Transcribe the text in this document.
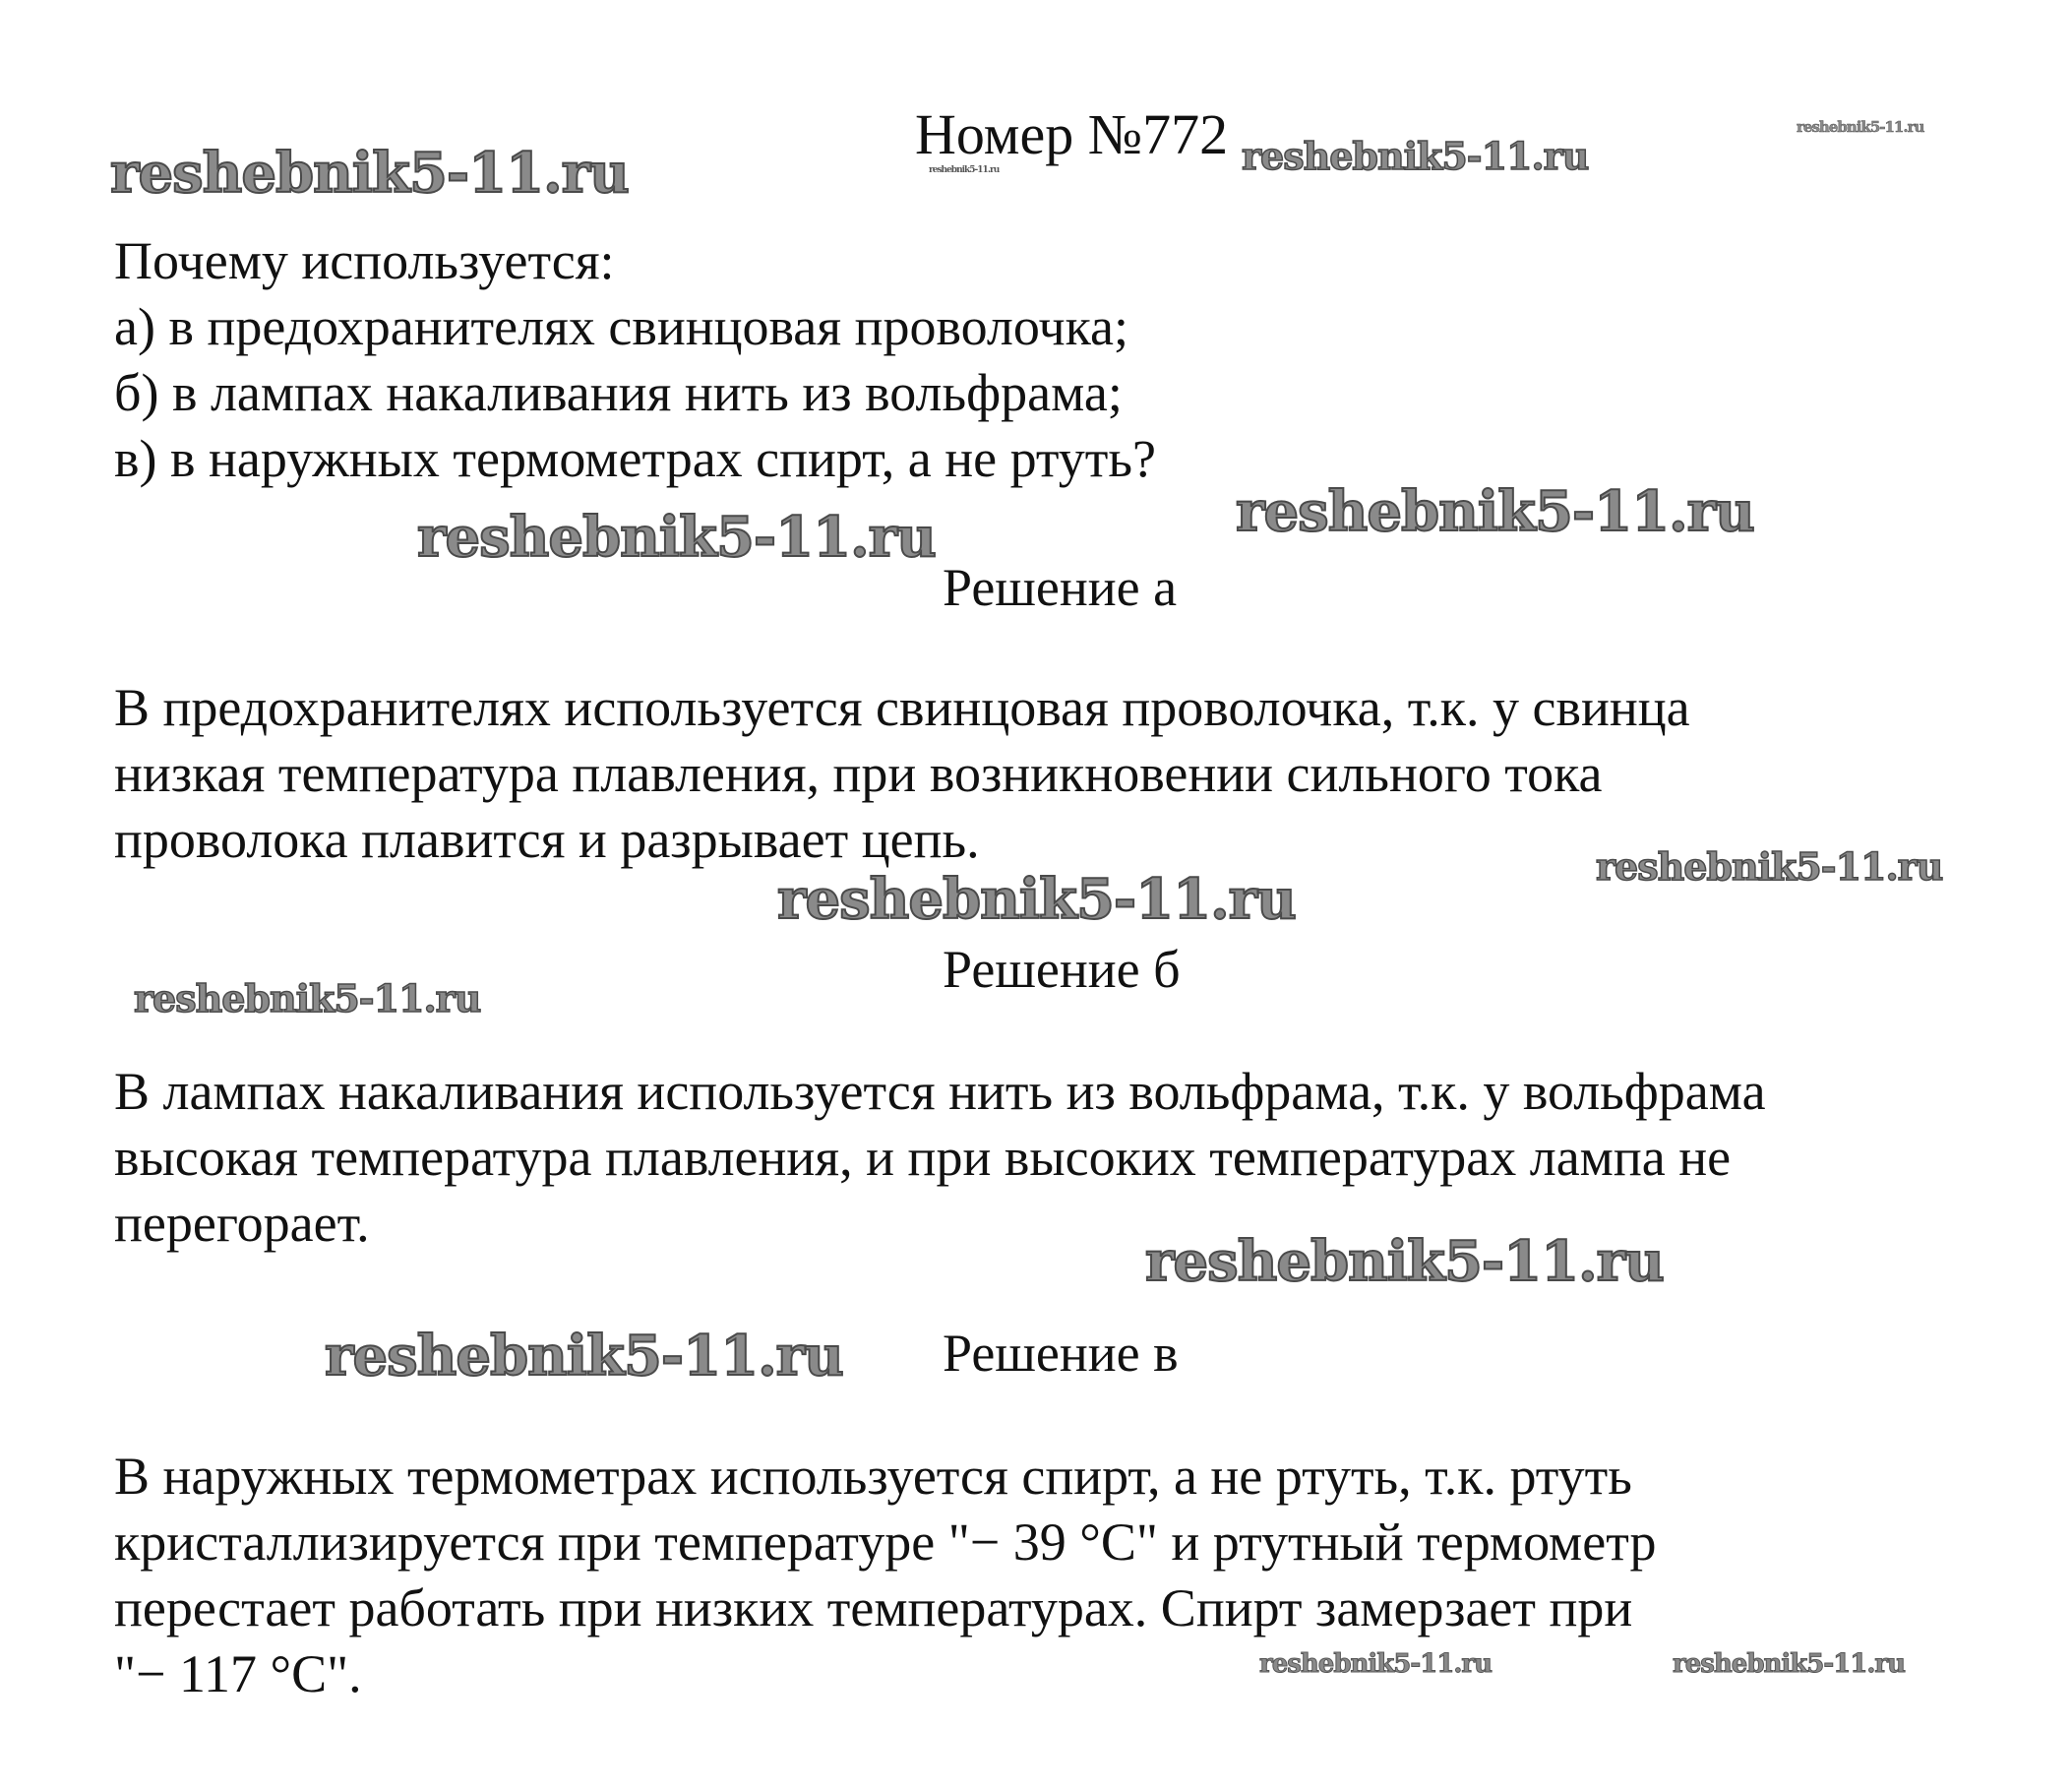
reshebnik5-11.ru	reshebnik5-11.ru	reshebnik5-11.ru
reshebnik5-11.ru
reshebnik5-11.ru	reshebnik5-11.ru
reshebnik5-11.ru
reshebnik5-11.ru
reshebnik5-11.ru
reshebnik5-11.ru
reshebnik5-11.ru
reshebnik5-11.ru	reshebnik5-11.ru
Номер №772
Почему используется:
а) в предохранителях свинцовая проволочка;
б) в лампах накаливания нить из вольфрама;
в) в наружных термометрах спирт, а не ртуть?
Решение а
В предохранителях используется свинцовая проволочка, т.к. у свинца
низкая температура плавления, при возникновении сильного тока
проволока плавится и разрывает цепь.
Решение б
В лампах накаливания используется нить из вольфрама, т.к. у вольфрама
высокая температура плавления, и при высоких температурах лампа не
перегорает.
Решение в
В наружных термометрах используется спирт, а не ртуть, т.к. ртуть
кристаллизируется при температуре "− 39 °C" и ртутный термометр
перестает работать при низких температурах. Спирт замерзает при
"− 117 °C".
